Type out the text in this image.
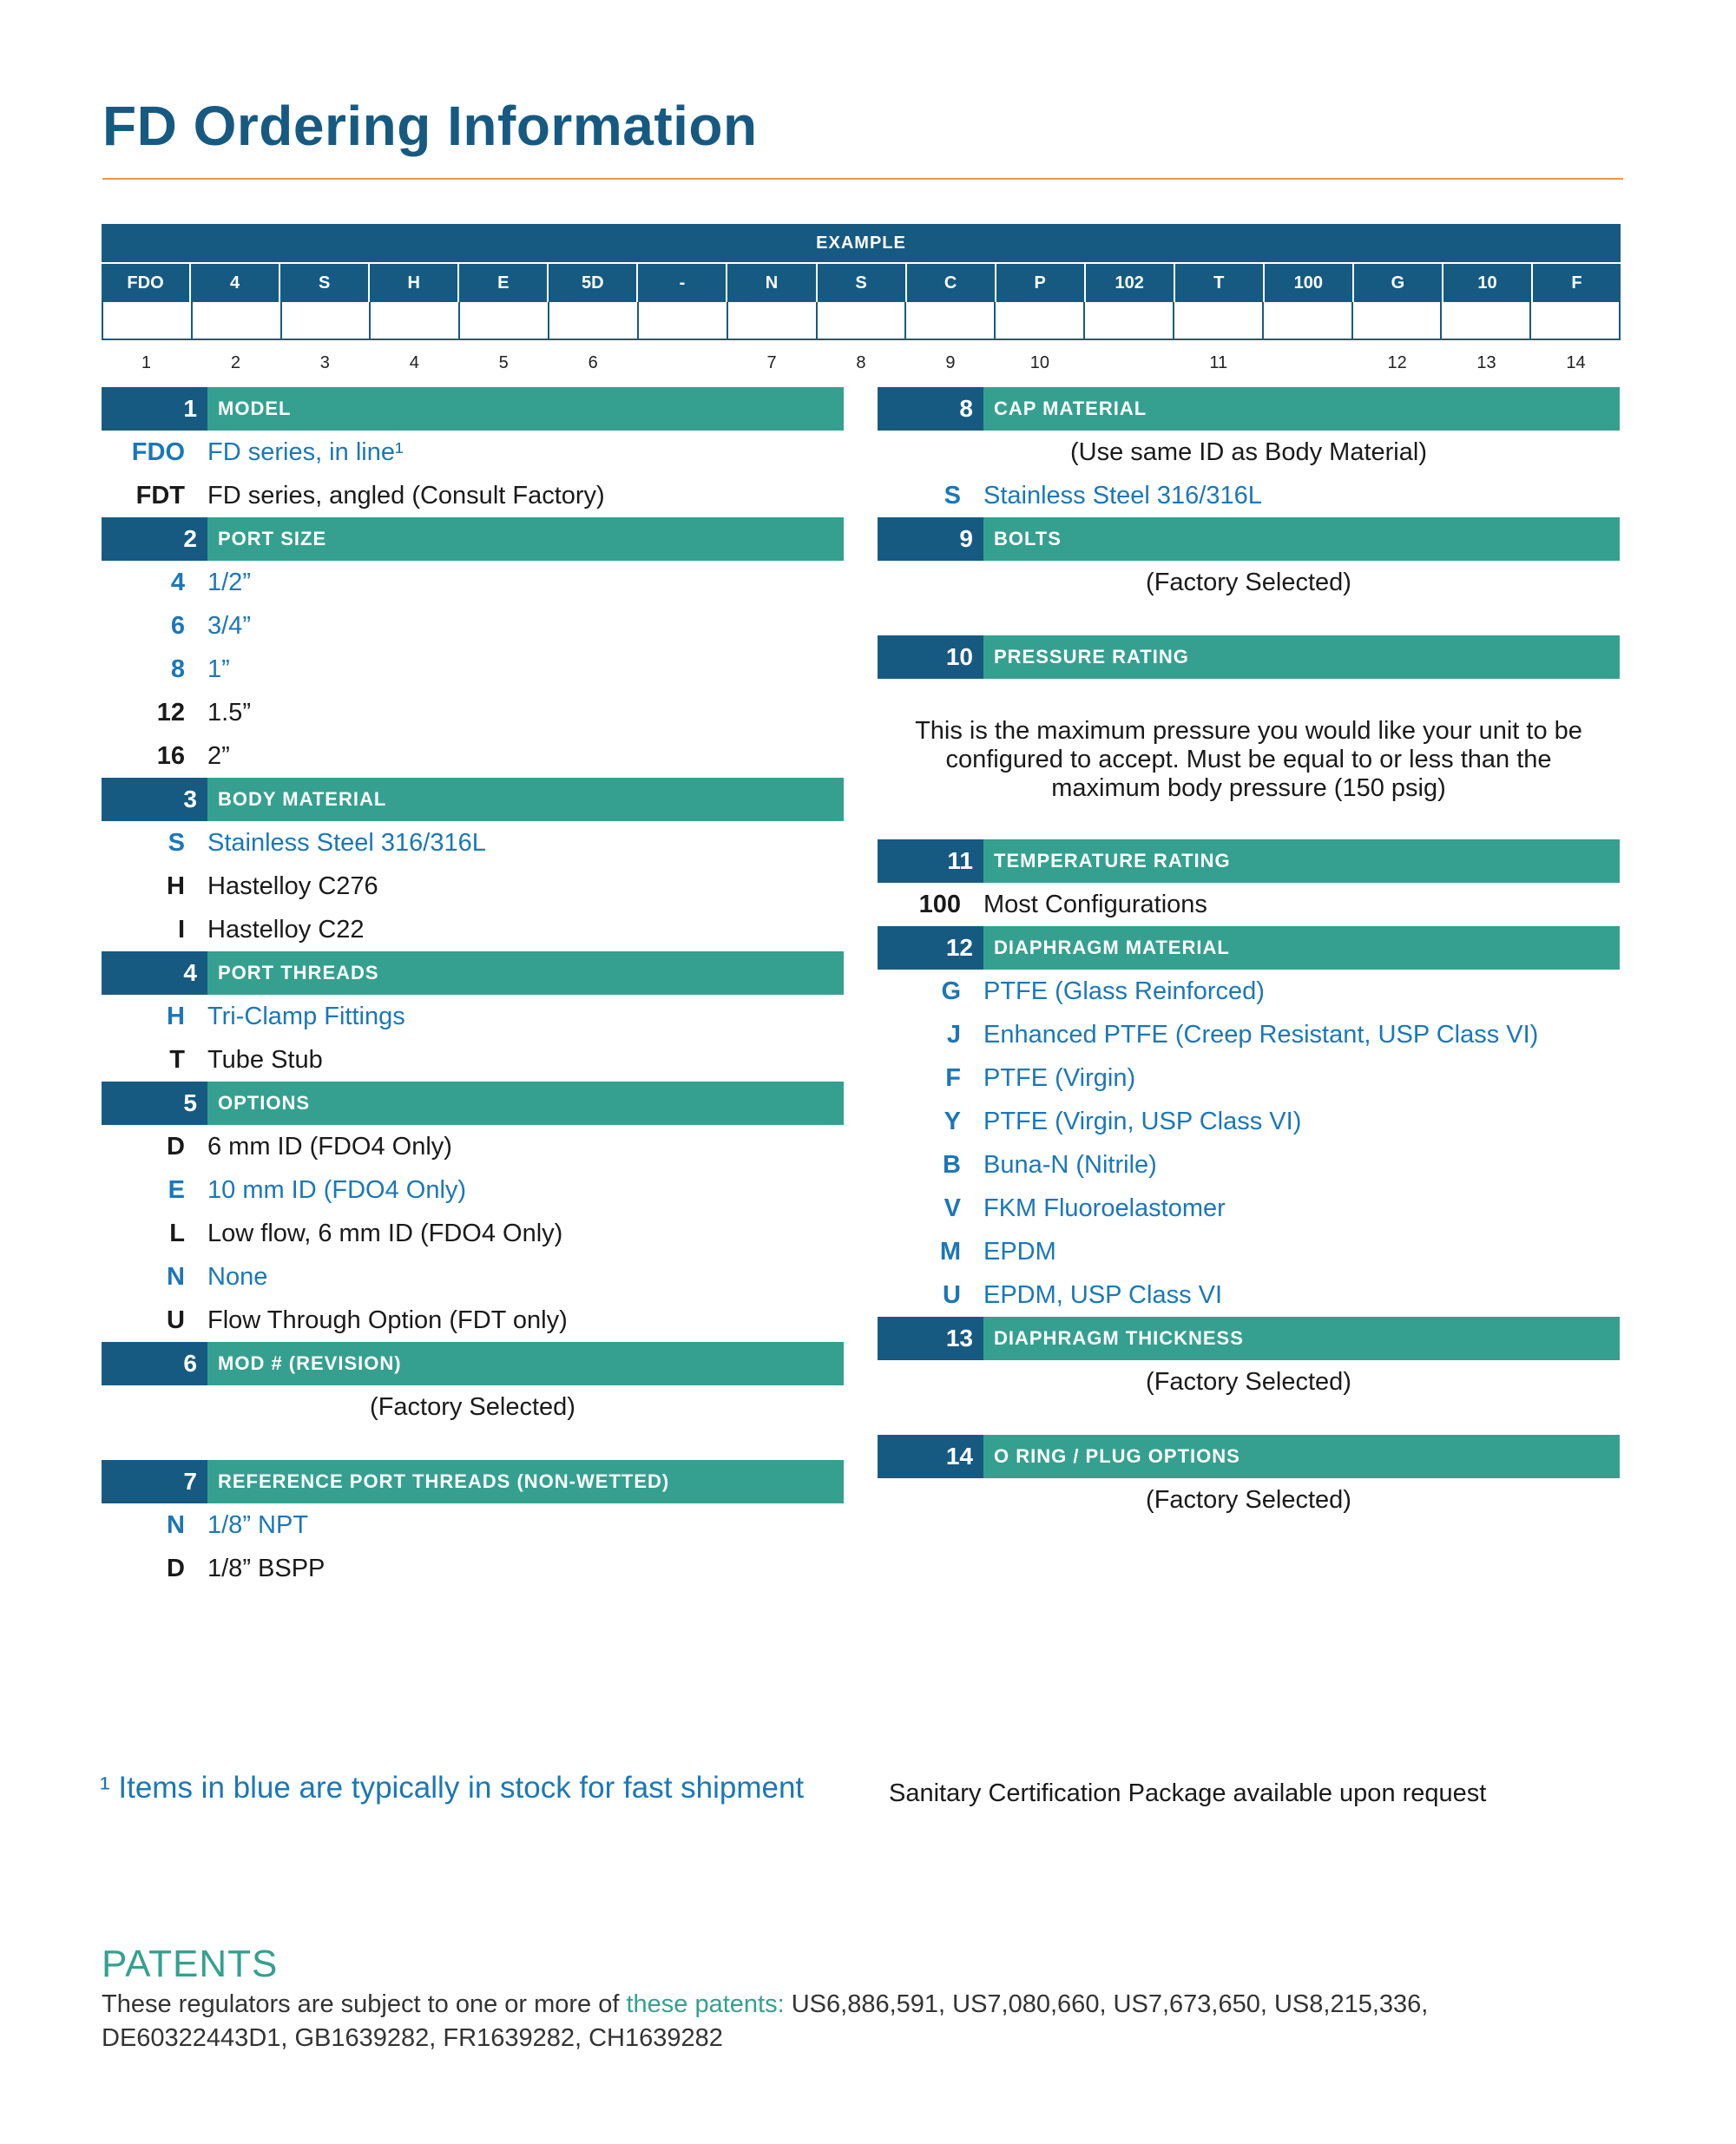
FD Ordering Information
EXAMPLE
FDO	4	S	H	E	5D	-	N	S	C	P	102	T	100	G	10	F
1	2	3	4	5	6	7	8	9	10	11	12	13	14
1	MODEL
FDO FD series, in line¹
FDT FD series, angled (Consult Factory)
2	PORT SIZE
4 1/2”
6 3/4”
8 1”
12 1.5”
16 2”
3	BODY MATERIAL
S Stainless Steel 316/316L
H Hastelloy C276
I Hastelloy C22
4	PORT THREADS
H Tri-Clamp Fittings
T Tube Stub
5	OPTIONS
D 6 mm ID (FDO4 Only)
E 10 mm ID (FDO4 Only)
L Low flow, 6 mm ID (FDO4 Only)
N None
U Flow Through Option (FDT only)
6	MOD # (REVISION)
(Factory Selected)
7	REFERENCE PORT THREADS (NON-WETTED)
N 1/8” NPT
D 1/8” BSPP
8	CAP MATERIAL
(Use same ID as Body Material)
S Stainless Steel 316/316L
9	BOLTS
(Factory Selected)
10	PRESSURE RATING
This is the maximum pressure you would like your unit to be configured to accept. Must be equal to or less than the maximum body pressure (150 psig)
11	TEMPERATURE RATING
100 Most Configurations
12	DIAPHRAGM MATERIAL
G PTFE (Glass Reinforced)
J Enhanced PTFE (Creep Resistant, USP Class VI)
F PTFE (Virgin)
Y PTFE (Virgin, USP Class VI)
B Buna-N (Nitrile)
V FKM Fluoroelastomer
M EPDM
U EPDM, USP Class VI
13	DIAPHRAGM THICKNESS
(Factory Selected)
14	O RING / PLUG OPTIONS
(Factory Selected)
¹ Items in blue are typically in stock for fast shipment	Sanitary Certification Package available upon request
PATENTS
These regulators are subject to one or more of these patents: US6,886,591, US7,080,660, US7,673,650, US8,215,336, DE60322443D1, GB1639282, FR1639282, CH1639282
